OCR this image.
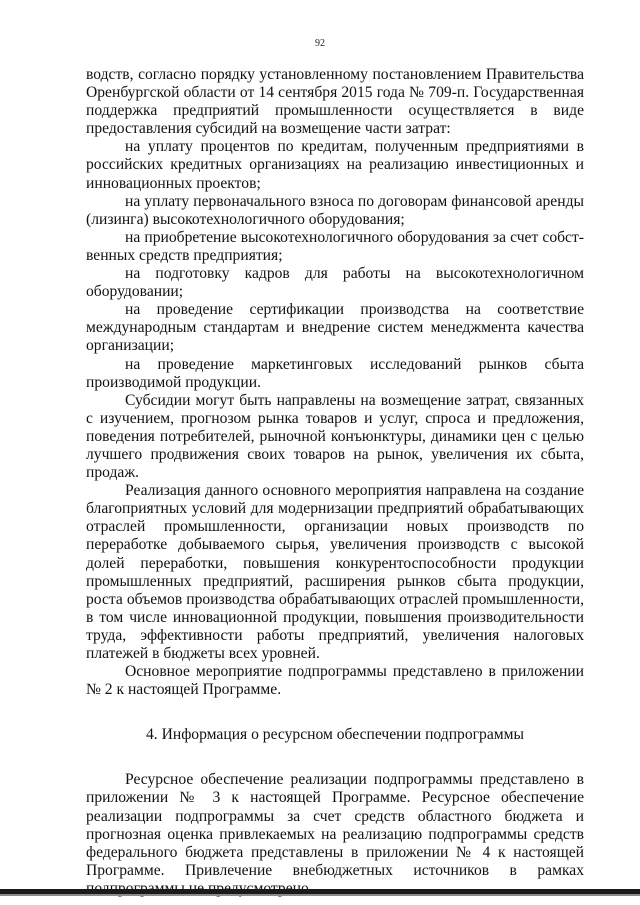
92

водств, согласно порядку установленному постановлением Правительства Оренбургской области от 14 сентября 2015 года № 709-п. Государственная поддержка предприятий промышленности осуществляется в виде предоставления субсидий на возмещение части затрат:

на уплату процентов по кредитам, полученным предприятиями в российских кредитных организациях на реализацию инвестиционных и инновационных проектов;

на уплату первоначального взноса по договорам финансовой аренды (лизинга) высокотехнологичного оборудования;

на приобретение высокотехнологичного оборудования за счет собственных средств предприятия;

на подготовку кадров для работы на высокотехнологичном оборудовании;

на проведение сертификации производства на соответствие международным стандартам и внедрение систем менеджмента качества организации;

на проведение маркетинговых исследований рынков сбыта производимой продукции.

Субсидии могут быть направлены на возмещение затрат, связанных с изучением, прогнозом рынка товаров и услуг, спроса и предложения, поведения потребителей, рыночной конъюнктуры, динамики цен с целью лучшего продвижения своих товаров на рынок, увеличения их сбыта, продаж.

Реализация данного основного мероприятия направлена на создание благоприятных условий для модернизации предприятий обрабатывающих отраслей промышленности, организации новых производств по переработке добываемого сырья, увеличения производств с высокой долей переработки, повышения конкурентоспособности продукции промышленных предприятий, расширения рынков сбыта продукции, роста объемов производства обрабатывающих отраслей промышленности, в том числе инновационной продукции, повышения производительности труда, эффективности работы предприятий, увеличения налоговых платежей в бюджеты всех уровней.

Основное мероприятие подпрограммы представлено в приложении № 2 к настоящей Программе.

4. Информация о ресурсном обеспечении подпрограммы

Ресурсное обеспечение реализации подпрограммы представлено в приложении № 3 к настоящей Программе. Ресурсное обеспечение реализации подпрограммы за счет средств областного бюджета и прогнозная оценка привлекаемых на реализацию подпрограммы средств федерального бюджета представлены в приложении № 4 к настоящей Программе. Привлечение внебюджетных источников в рамках
